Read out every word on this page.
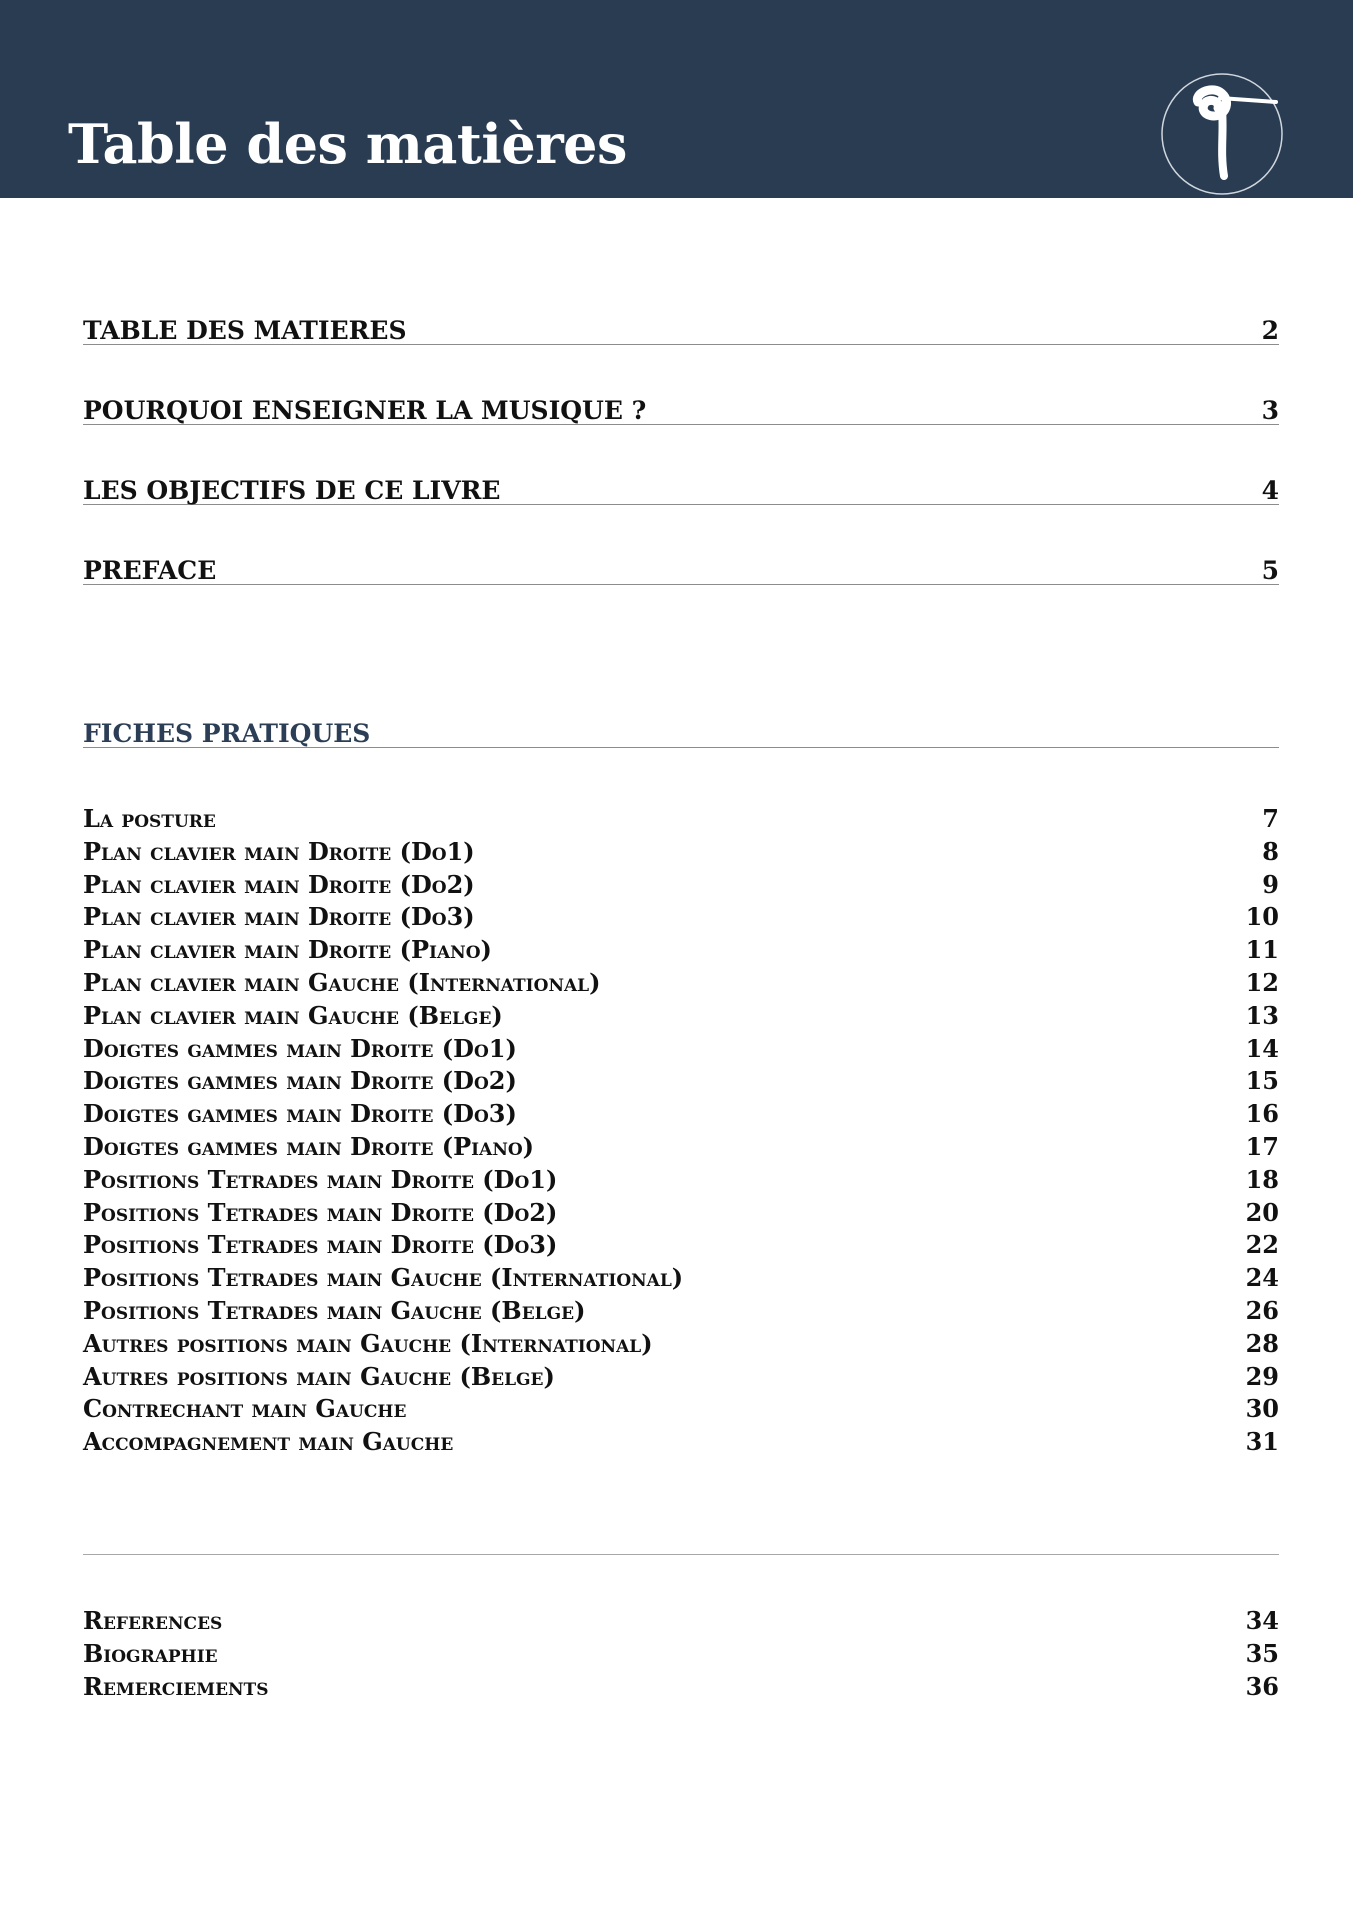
Table des matières
TABLE DES MATIERES	2
POURQUOI ENSEIGNER LA MUSIQUE ?	3
LES OBJECTIFS DE CE LIVRE	4
PREFACE	5
FICHES PRATIQUES
La posture	7
Plan clavier main Droite (Do1)	8
Plan clavier main Droite (Do2)	9
Plan clavier main Droite (Do3)	10
Plan clavier main Droite (Piano)	11
Plan clavier main Gauche (International)	12
Plan clavier main Gauche (Belge)	13
Doigtes gammes main Droite (Do1)	14
Doigtes gammes main Droite (Do2)	15
Doigtes gammes main Droite (Do3)	16
Doigtes gammes main Droite (Piano)	17
Positions Tetrades main Droite (Do1)	18
Positions Tetrades main Droite (Do2)	20
Positions Tetrades main Droite (Do3)	22
Positions Tetrades main Gauche (International)	24
Positions Tetrades main Gauche (Belge)	26
Autres positions main Gauche (International)	28
Autres positions main Gauche (Belge)	29
Contrechant main Gauche	30
Accompagnement main Gauche	31
References	34
Biographie	35
Remerciements	36
